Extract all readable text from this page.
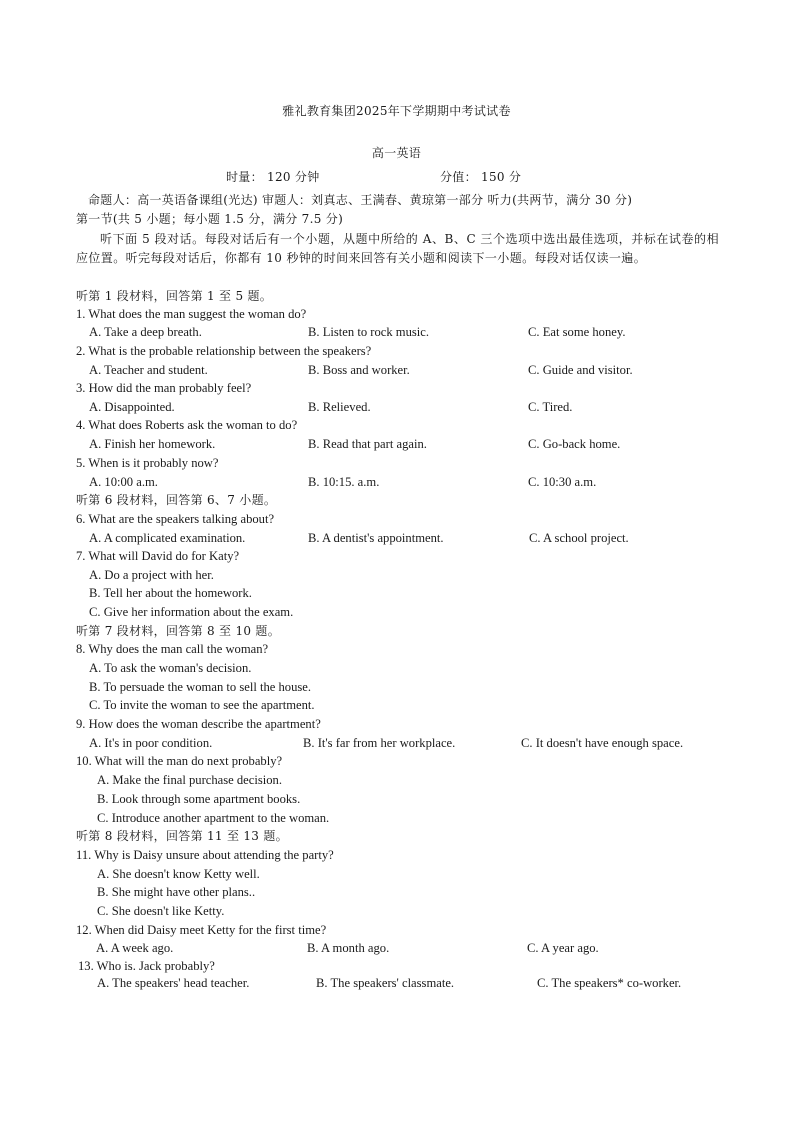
雅礼教育集团2025年下学期期中考试试卷
高一英语
时量： 120 分钟	分值： 150 分
命题人：高一英语备课组(光达) 审题人：刘真志、王满春、黄琼第一部分 听力(共两节，满分 30 分)
第一节(共 5 小题；每小题 1.5 分，满分 7.5 分)
听下面 5 段对话。每段对话后有一个小题，从题中所给的 A、B、C 三个选项中选出最佳选项，并标在试卷的相应位置。听完每段对话后，你都有 10 秒钟的时间来回答有关小题和阅读下一小题。每段对话仅读一遍。
听第 1 段材料，回答第 1 至 5 题。
1. What does the man suggest the woman do?
A. Take a deep breath.	B. Listen to rock music.	C. Eat some honey.
2. What is the probable relationship between the speakers?
A. Teacher and student.	B. Boss and worker.	C. Guide and visitor.
3. How did the man probably feel?
A. Disappointed.	B. Relieved.	C. Tired.
4. What does Roberts ask the woman to do?
A. Finish her homework.	B. Read that part again.	C. Go-back home.
5. When is it probably now?
A. 10:00 a.m.	B. 10:15. a.m.	C. 10:30 a.m.
听第 6 段材料，回答第 6、7 小题。
6. What are the speakers talking about?
A. A complicated examination.	B. A dentist's appointment.	C. A school project.
7. What will David do for Katy?
A. Do a project with her.
B. Tell her about the homework.
C. Give her information about the exam.
听第 7 段材料，回答第 8 至 10 题。
8. Why does the man call the woman?
A. To ask the woman's decision.
B. To persuade the woman to sell the house.
C. To invite the woman to see the apartment.
9. How does the woman describe the apartment?
A. It's in poor condition.	B. It's far from her workplace.	C. It doesn't have enough space.
10. What will the man do next probably?
A. Make the final purchase decision.
B. Look through some apartment books.
C. Introduce another apartment to the woman.
听第 8 段材料，回答第 11 至 13 题。
11. Why is Daisy unsure about attending the party?
A. She doesn't know Ketty well.
B. She might have other plans..
C. She doesn't like Ketty.
12. When did Daisy meet Ketty for the first time?
A. A week ago.	B. A month ago.	C. A year ago.
13. Who is. Jack probably?
A. The speakers' head teacher.	B. The speakers' classmate.	C. The speakers* co-worker.
